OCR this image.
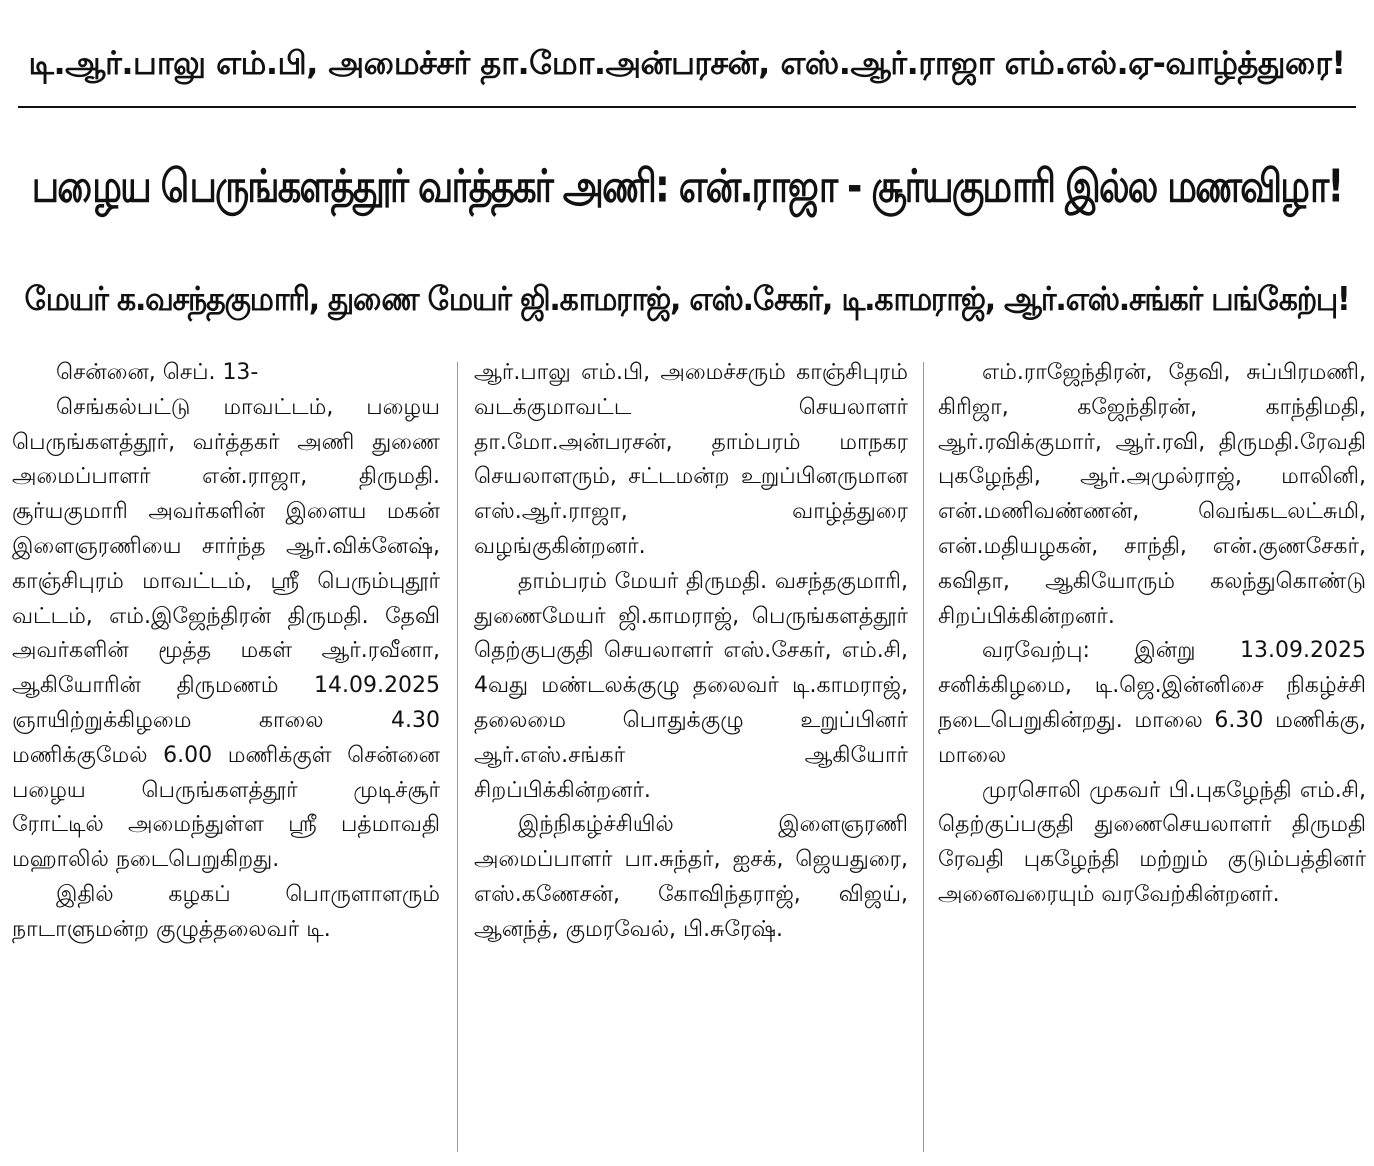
டி.ஆர்.பாலு எம்.பி, அமைச்சர் தா.மோ.அன்பரசன், எஸ்.ஆர்.ராஜா எம்.எல்.ஏ-வாழ்த்துரை!
பழைய பெருங்களத்தூர் வர்த்தகர் அணி: என்.ராஜா - சூர்யகுமாரி இல்ல மணவிழா!
மேயர் க.வசந்தகுமாரி, துணை மேயர் ஜி.காமராஜ், எஸ்.சேகர், டி.காமராஜ், ஆர்.எஸ்.சங்கர் பங்கேற்பு!

சென்னை, செப். 13-

செங்கல்பட்டு மாவட்டம், பழைய பெருங்களத்தூர், வர்த்தகர் அணி துணை அமைப்பாளர் என்.ராஜா, திருமதி. சூர்யகுமாரி அவர்களின் இளைய மகன் இளைஞரணியை சார்ந்த ஆர்.விக்னேஷ், காஞ்சிபுரம் மாவட்டம், ஸ்ரீ பெரும்புதூர் வட்டம், எம்.இஜேந்திரன் திருமதி. தேவி அவர்களின் மூத்த மகள் ஆர்.ரவீனா, ஆகியோரின் திருமணம் 14.09.2025 ஞாயிற்றுக்கிழமை காலை 4.30 மணிக்குமேல் 6.00 மணிக்குள் சென்னை பழைய பெருங்களத்தூர் முடிச்சூர் ரோட்டில் அமைந்துள்ள ஸ்ரீ பத்மாவதி மஹாலில் நடைபெறுகிறது.

இதில் கழகப் பொருளாளரும் நாடாளுமன்ற குழுத்தலைவர் டி.

ஆர்.பாலு எம்.பி, அமைச்சரும் காஞ்சிபுரம் வடக்குமாவட்ட செயலாளர் தா.மோ.அன்பரசன், தாம்பரம் மாநகர செயலாளரும், சட்டமன்ற உறுப்பினருமான எஸ்.ஆர்.ராஜா, வாழ்த்துரை வழங்குகின்றனர்.

தாம்பரம் மேயர் திருமதி. வசந்தகுமாரி, துணைமேயர் ஜி.காமராஜ், பெருங்களத்தூர் தெற்குபகுதி செயலாளர் எஸ்.சேகர், எம்.சி, 4வது மண்டலக்குழு தலைவர் டி.காமராஜ், தலைமை பொதுக்குழு உறுப்பினர் ஆர்.எஸ்.சங்கர் ஆகியோர் சிறப்பிக்கின்றனர்.

இந்நிகழ்ச்சியில் இளைஞரணி அமைப்பாளர் பா.சுந்தர், ஐசக், ஜெயதுரை, எஸ்.கணேசன், கோவிந்தராஜ், விஜய், ஆனந்த், குமரவேல், பி.சுரேஷ்.

எம்.ராஜேந்திரன், தேவி, சுப்பிரமணி, கிரிஜா, கஜேந்திரன், காந்திமதி, ஆர்.ரவிக்குமார், ஆர்.ரவி, திருமதி.ரேவதி புகழேந்தி, ஆர்.அமுல்ராஜ், மாலினி, என்.மணிவண்ணன், வெங்கடலட்சுமி, என்.மதியழகன், சாந்தி, என்.குணசேகர், கவிதா, ஆகியோரும் கலந்துகொண்டு சிறப்பிக்கின்றனர்.

வரவேற்பு: இன்று 13.09.2025 சனிக்கிழமை, டி.ஜெ.இன்னிசை நிகழ்ச்சி நடைபெறுகின்றது. மாலை 6.30 மணிக்கு, மாலை

முரசொலி முகவர் பி.புகழேந்தி எம்.சி, தெற்குப்பகுதி துணைசெயலாளர் திருமதி ரேவதி புகழேந்தி மற்றும் குடும்பத்தினர் அனைவரையும் வரவேற்கின்றனர்.
